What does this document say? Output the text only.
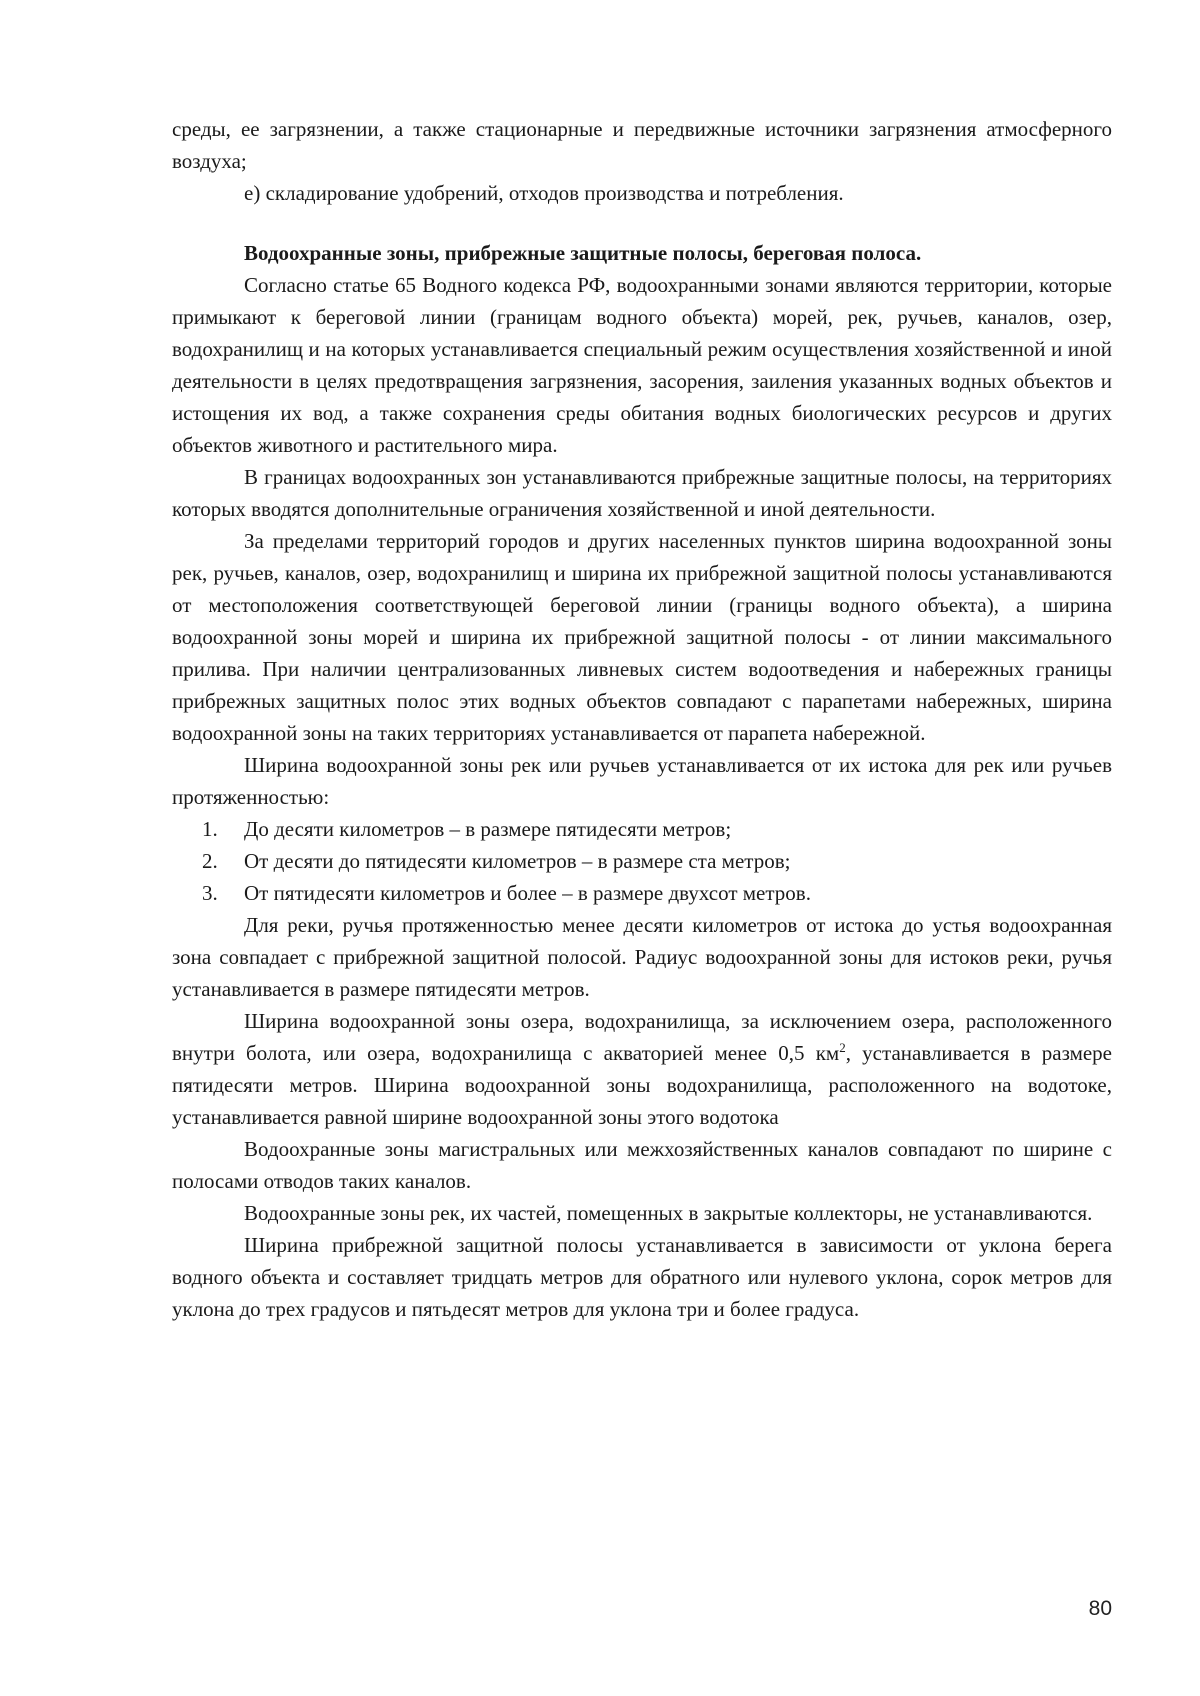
среды, ее загрязнении, а также стационарные и передвижные источники загрязнения атмосферного воздуха;

е) складирование удобрений, отходов производства и потребления.

Водоохранные зоны, прибрежные защитные полосы, береговая полоса.

Согласно статье 65 Водного кодекса РФ, водоохранными зонами являются территории, которые примыкают к береговой линии (границам водного объекта) морей, рек, ручьев, каналов, озер, водохранилищ и на которых устанавливается специальный режим осуществления хозяйственной и иной деятельности в целях предотвращения загрязнения, засорения, заиления указанных водных объектов и истощения их вод, а также сохранения среды обитания водных биологических ресурсов и других объектов животного и растительного мира.

В границах водоохранных зон устанавливаются прибрежные защитные полосы, на территориях которых вводятся дополнительные ограничения хозяйственной и иной деятельности.

За пределами территорий городов и других населенных пунктов ширина водоохранной зоны рек, ручьев, каналов, озер, водохранилищ и ширина их прибрежной защитной полосы устанавливаются от местоположения соответствующей береговой линии (границы водного объекта), а ширина водоохранной зоны морей и ширина их прибрежной защитной полосы - от линии максимального прилива. При наличии централизованных ливневых систем водоотведения и набережных границы прибрежных защитных полос этих водных объектов совпадают с парапетами набережных, ширина водоохранной зоны на таких территориях устанавливается от парапета набережной.

Ширина водоохранной зоны рек или ручьев устанавливается от их истока для рек или ручьев протяженностью:

1. До десяти километров – в размере пятидесяти метров;
2. От десяти до пятидесяти километров – в размере ста метров;
3. От пятидесяти километров и более – в размере двухсот метров.

Для реки, ручья протяженностью менее десяти километров от истока до устья водоохранная зона совпадает с прибрежной защитной полосой. Радиус водоохранной зоны для истоков реки, ручья устанавливается в размере пятидесяти метров.

Ширина водоохранной зоны озера, водохранилища, за исключением озера, расположенного внутри болота, или озера, водохранилища с акваторией менее 0,5 $км^2$, устанавливается в размере пятидесяти метров. Ширина водоохранной зоны водохранилища, расположенного на водотоке, устанавливается равной ширине водоохранной зоны этого водотока

Водоохранные зоны магистральных или межхозяйственных каналов совпадают по ширине с полосами отводов таких каналов.

Водоохранные зоны рек, их частей, помещенных в закрытые коллекторы, не устанавливаются.

Ширина прибрежной защитной полосы устанавливается в зависимости от уклона берега водного объекта и составляет тридцать метров для обратного или нулевого уклона, сорок метров для уклона до трех градусов и пятьдесят метров для уклона три и более градуса.

80
